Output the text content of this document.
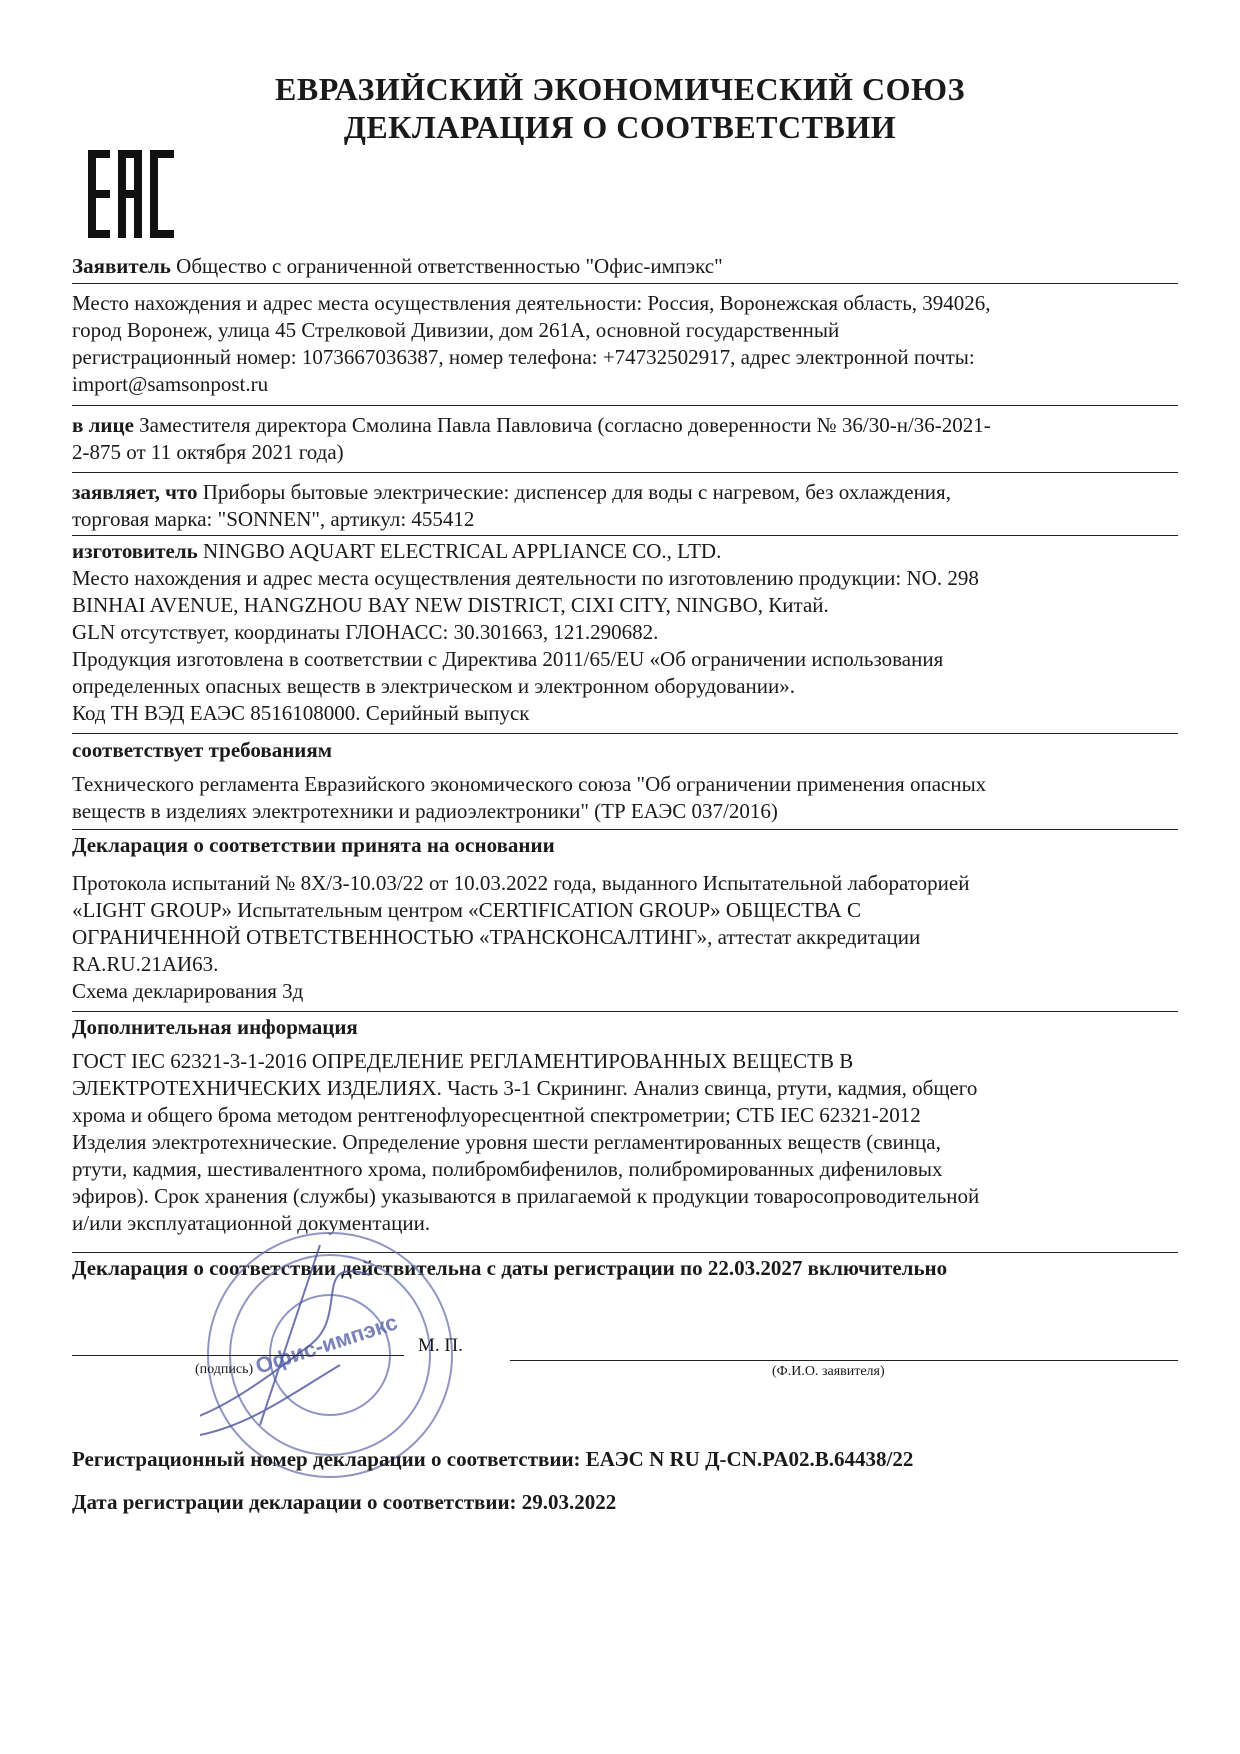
ЕВРАЗИЙСКИЙ ЭКОНОМИЧЕСКИЙ СОЮЗ
ДЕКЛАРАЦИЯ О СООТВЕТСТВИИ
Заявитель Общество с ограниченной ответственностью "Офис-импэкс"
Место нахождения и адрес места осуществления деятельности: Россия, Воронежская область, 394026,
город Воронеж, улица 45 Стрелковой Дивизии, дом 261А, основной государственный
регистрационный номер: 1073667036387, номер телефона: +74732502917, адрес электронной почты:
import@samsonpost.ru
в лице Заместителя директора Смолина Павла Павловича (согласно доверенности № 36/30-н/36-2021-
2-875 от 11 октября 2021 года)
заявляет, что Приборы бытовые электрические: диспенсер для воды с нагревом, без охлаждения,
торговая марка: "SONNEN", артикул: 455412
изготовитель NINGBO AQUART ELECTRICAL APPLIANCE CO., LTD.
Место нахождения и адрес места осуществления деятельности по изготовлению продукции: NO. 298
BINHAI AVENUE, HANGZHOU BAY NEW DISTRICT, CIXI CITY, NINGBO, Китай.
GLN отсутствует, координаты ГЛОНАСС: 30.301663, 121.290682.
Продукция изготовлена в соответствии с Директива 2011/65/EU «Об ограничении использования
определенных опасных веществ в электрическом и электронном оборудовании».
Код ТН ВЭД ЕАЭС 8516108000. Серийный выпуск
соответствует требованиям
Технического регламента Евразийского экономического союза "Об ограничении применения опасных
веществ в изделиях электротехники и радиоэлектроники" (ТР ЕАЭС 037/2016)
Декларация о соответствии принята на основании
Протокола испытаний № 8Х/З-10.03/22 от 10.03.2022 года, выданного Испытательной лабораторией
«LIGHT GROUP» Испытательным центром «CERTIFICATION GROUP» ОБЩЕСТВА С
ОГРАНИЧЕННОЙ ОТВЕТСТВЕННОСТЬЮ «ТРАНСКОНСАЛТИНГ», аттестат аккредитации
RA.RU.21АИ63.
Схема декларирования 3д
Дополнительная информация
ГОСТ IEC 62321-3-1-2016 ОПРЕДЕЛЕНИЕ РЕГЛАМЕНТИРОВАННЫХ ВЕЩЕСТВ В
ЭЛЕКТРОТЕХНИЧЕСКИХ ИЗДЕЛИЯХ. Часть 3-1 Скрининг. Анализ свинца, ртути, кадмия, общего
хрома и общего брома методом рентгенофлуоресцентной спектрометрии; СТБ IEC 62321-2012
Изделия электротехнические. Определение уровня шести регламентированных веществ (свинца,
ртути, кадмия, шестивалентного хрома, полибромбифенилов, полибромированных дифениловых
эфиров). Срок хранения (службы) указываются в прилагаемой к продукции товаросопроводительной
и/или эксплуатационной документации.
Декларация о соответствии действительна с даты регистрации по 22.03.2027 включительно
Офис-импэкс М. П.
(подпись)	(Ф.И.О. заявителя)
Регистрационный номер декларации о соответствии: ЕАЭС N RU Д-CN.PA02.B.64438/22
Дата регистрации декларации о соответствии: 29.03.2022
